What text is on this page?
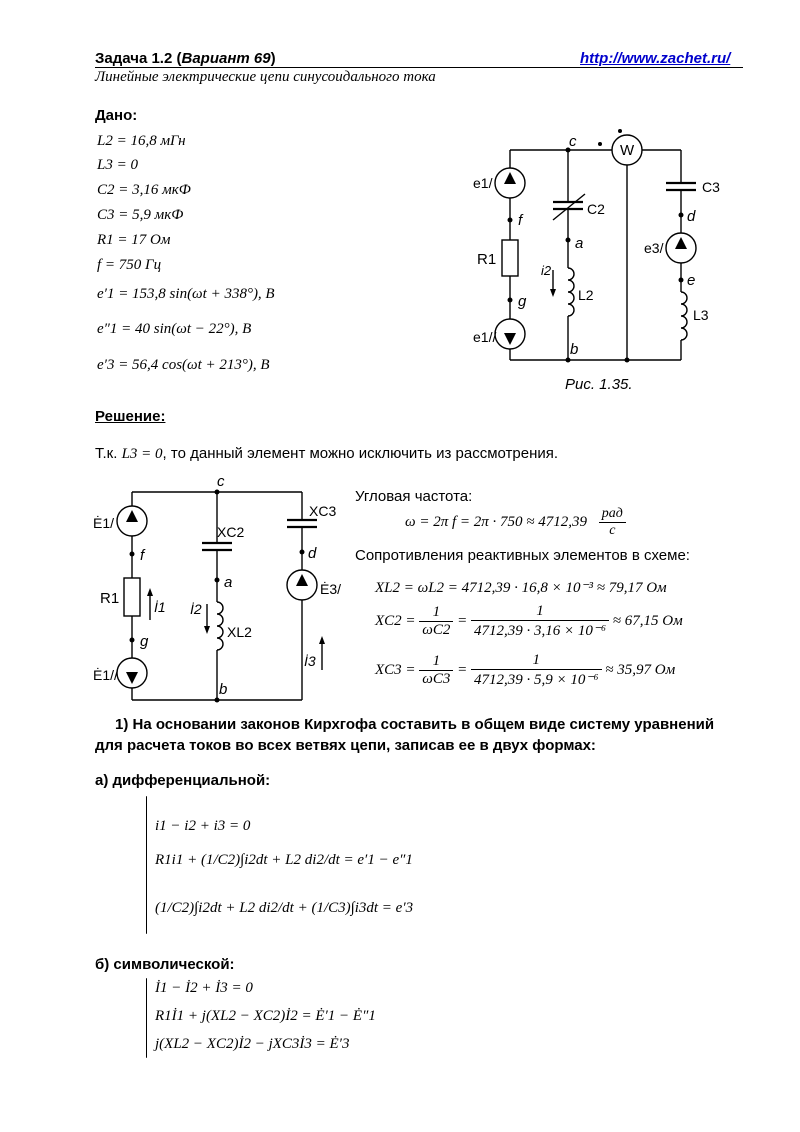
Задача 1.2 (Вариант 69)	http://www.zachet.ru/
Линейные электрические цепи синусоидального тока
Дано:
L2 = 16,8 мГн
L3 = 0
C2 = 3,16 мкФ
C3 = 5,9 мкФ
R1 = 17 Ом
f = 750 Гц
e′1 = 153,8 sin(ωt + 338°), B
e″1 = 40 sin(ωt − 22°), B
e′3 = 56,4 cos(ωt + 213°), B
c
b
f
g
a
d
e
W
e1/
e1//
R1
C2
L2
i2
C3
e3/
L3
Рис. 1.35.
Решение:
Т.к. L3 = 0, то данный элемент можно исключить из рассмотрения.
c
b
f
g
a
d
Ė1/
Ė1//
R1 İ1
XC2
İ2
XL2
XC3
Ė3/
İ3
Угловая частота:
ω = 2π $f = 2\pi \cdot 750 \approx 4712,39 \frac{\text{рад}}{с}$
Сопротивления реактивных элементов в схеме:
XL2 = ωL2 = 4712,39 · 16,8 × 10⁻³ ≈ 79,17 Ом
$XC2 = \frac{1}{\omega C2} = \frac{1}{\text{4712,39 · 3,16 × 10⁻⁶}} \approx 67,15$ Ом
$XC3 = \frac{1}{\omega C3} = \frac{1}{\text{4712,39 · 5,9 × 10⁻⁶}} \approx 35,97$ Ом
1) На основании законов Кирхгофа составить в общем виде систему уравнений
для расчета токов во всех ветвях цепи, записав ее в двух формах:
а) дифференциальной:
i1 − i2 + i3 = 0
R1i1 + (1/C2)∫i2dt + L2 di2/dt = e′1 − e″1
(1/C2)∫i2dt + L2 di2/dt + (1/C3)∫i3dt = e′3
б) символической:
İ1 − İ2 + İ3 = 0
R1İ1 + j(XL2 − XC2)İ2 = Ė′1 − Ė″1
j(XL2 − XC2)İ2 − jXC3İ3 = Ė′3
